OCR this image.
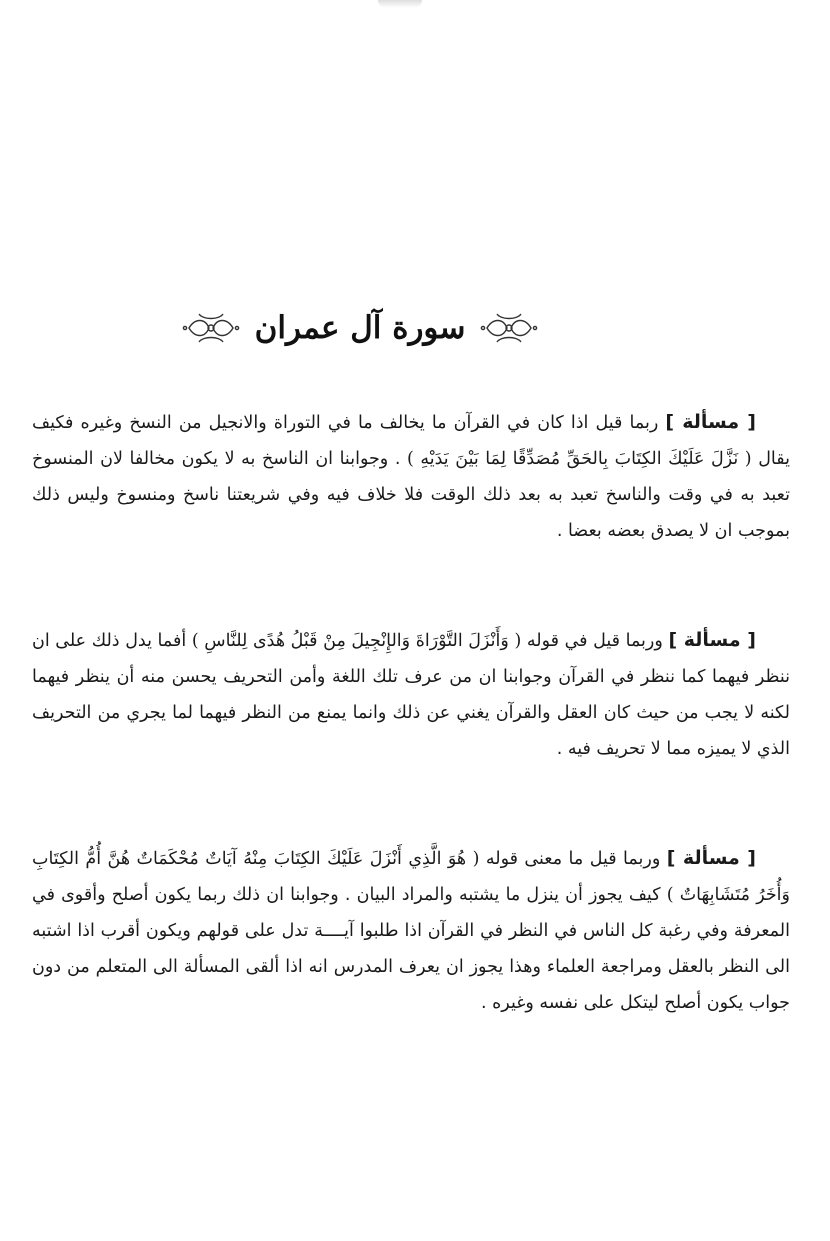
سورة آل عمران

[ مسألة ] ربما قيل اذا كان في القرآن ما يخالف ما في التوراة والانجيل من النسخ وغيره فكيف يقال ( نَزَّلَ عَلَيْكَ الكِتَابَ بِالحَقِّ مُصَدِّقًا لِمَا بَيْنَ يَدَيْهِ ) . وجوابنا ان الناسخ به لا يكون مخالفا لان المنسوخ تعبد به في وقت والناسخ تعبد به بعد ذلك الوقت فلا خلاف فيه وفي شريعتنا ناسخ ومنسوخ وليس ذلك بموجب ان لا يصدق بعضه بعضا .

[ مسألة ] وربما قيل في قوله ( وَأَنْزَلَ التَّوْرَاةَ وَالإِنْجِيلَ مِنْ قَبْلُ هُدًى لِلنَّاسِ ) أفما يدل ذلك على ان ننظر فيهما كما ننظر في القرآن وجوابنا ان من عرف تلك اللغة وأمن التحريف يحسن منه أن ينظر فيهما لكنه لا يجب من حيث كان العقل والقرآن يغني عن ذلك وانما يمنع من النظر فيهما لما يجري من التحريف الذي لا يميزه مما لا تحريف فيه .

[ مسألة ] وربما قيل ما معنى قوله ( هُوَ الَّذِي أَنْزَلَ عَلَيْكَ الكِتَابَ مِنْهُ آيَاتٌ مُحْكَمَاتٌ هُنَّ أُمُّ الكِتَابِ وَأُخَرُ مُتَشَابِهَاتٌ ) كيف يجوز أن ينزل ما يشتبه والمراد البيان . وجوابنا ان ذلك ربما يكون أصلح وأقوى في المعرفة وفي رغبة كل الناس في النظر في القرآن اذا طلبوا آيــــة تدل على قولهم ويكون أقرب اذا اشتبه الى النظر بالعقل ومراجعة العلماء وهذا يجوز ان يعرف المدرس انه اذا ألقى المسألة الى المتعلم من دون جواب يكون أصلح ليتكل على نفسه وغيره .
